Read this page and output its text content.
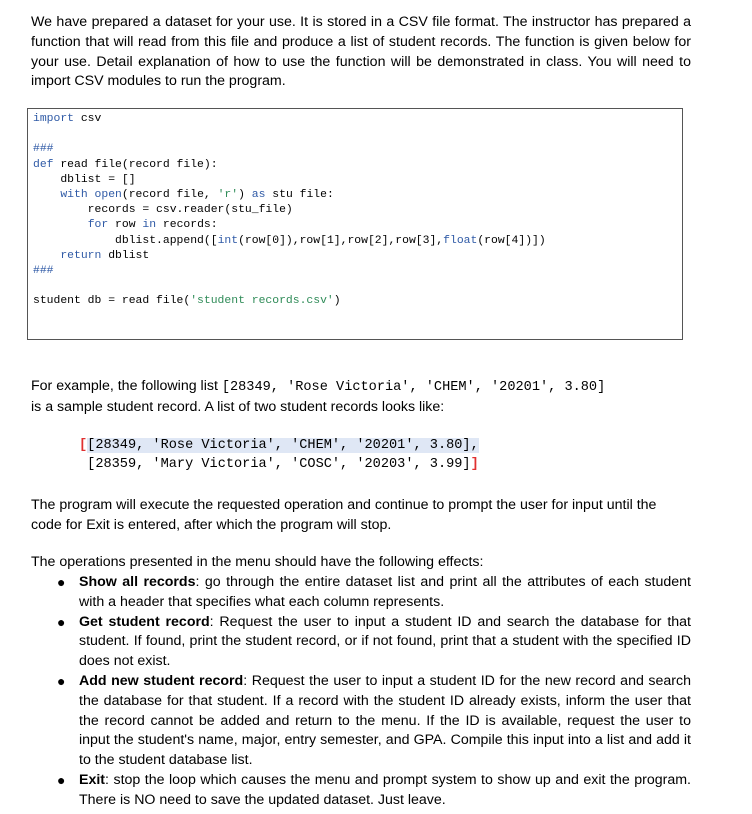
We have prepared a dataset for your use. It is stored in a CSV file format. The instructor has prepared a function that will read from this file and produce a list of student records. The function is given below for your use. Detail explanation of how to use the function will be demonstrated in class. You will need to import CSV modules to run the program.
import csv

###
def read file(record file):
dblist = []
with open(record file, 'r') as stu file:
records = csv.reader(stu_file)
for row in records:
dblist.append([int(row[0]),row[1],row[2],row[3],float(row[4])])
return dblist
###

student db = read file('student records.csv')
For example, the following list [28349, 'Rose Victoria', 'CHEM', '20201', 3.80]
is a sample student record. A list of two student records looks like:
[[28349, 'Rose Victoria', 'CHEM', '20201', 3.80],
[28359, 'Mary Victoria', 'COSC', '20203', 3.99]]
The program will execute the requested operation and continue to prompt the user for input until the code for Exit is entered, after which the program will stop.
The operations presented in the menu should have the following effects:
● Show all records: go through the entire dataset list and print all the attributes of each student with a header that specifies what each column represents.
● Get student record: Request the user to input a student ID and search the database for that student. If found, print the student record, or if not found, print that a student with the specified ID does not exist.
● Add new student record: Request the user to input a student ID for the new record and search the database for that student. If a record with the student ID already exists, inform the user that the record cannot be added and return to the menu. If the ID is available, request the user to input the student's name, major, entry semester, and GPA. Compile this input into a list and add it to the student database list.
● Exit: stop the loop which causes the menu and prompt system to show up and exit the program. There is NO need to save the updated dataset. Just leave.
